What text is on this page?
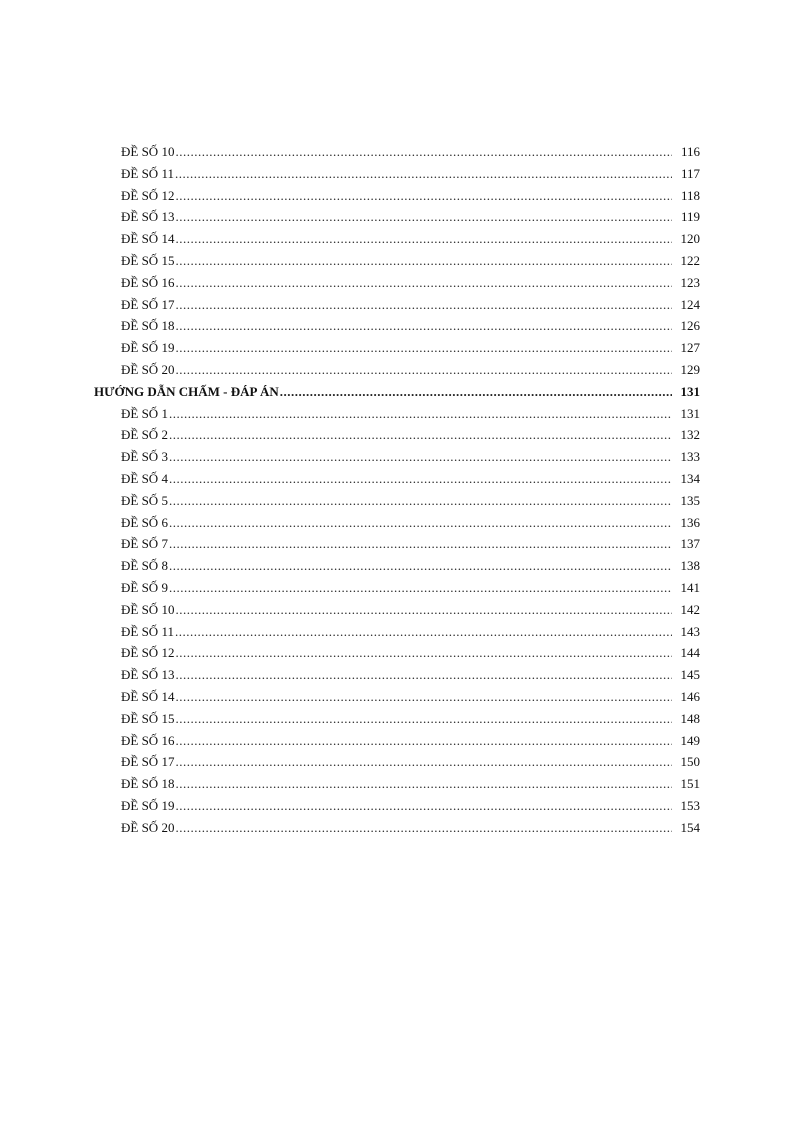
ĐỀ SỐ 10 .....	116
ĐỀ SỐ 11 .....	117
ĐỀ SỐ 12 .....	118
ĐỀ SỐ 13 .....	119
ĐỀ SỐ 14 .....	120
ĐỀ SỐ 15 .....	122
ĐỀ SỐ 16 .....	123
ĐỀ SỐ 17 .....	124
ĐỀ SỐ 18 .....	126
ĐỀ SỐ 19 .....	127
ĐỀ SỐ 20 .....	129
HƯỚNG DẪN CHẤM - ĐÁP ÁN .....	131
ĐỀ SỐ 1 .....	131
ĐỀ SỐ 2 .....	132
ĐỀ SỐ 3 .....	133
ĐỀ SỐ 4 .....	134
ĐỀ SỐ 5 .....	135
ĐỀ SỐ 6 .....	136
ĐỀ SỐ 7 .....	137
ĐỀ SỐ 8 .....	138
ĐỀ SỐ 9 .....	141
ĐỀ SỐ 10 .....	142
ĐỀ SỐ 11 .....	143
ĐỀ SỐ 12 .....	144
ĐỀ SỐ 13 .....	145
ĐỀ SỐ 14 .....	146
ĐỀ SỐ 15 .....	148
ĐỀ SỐ 16 .....	149
ĐỀ SỐ 17 .....	150
ĐỀ SỐ 18 .....	151
ĐỀ SỐ 19 .....	153
ĐỀ SỐ 20 .....	154
